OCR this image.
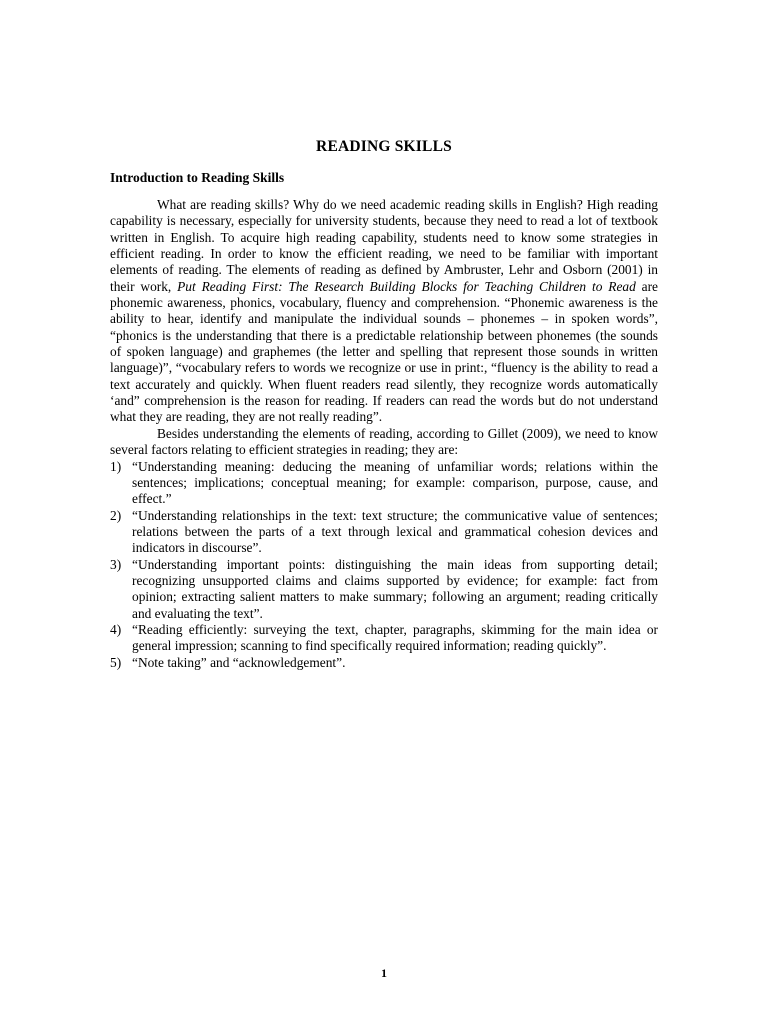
READING SKILLS
Introduction to Reading Skills

What are reading skills? Why do we need academic reading skills in English? High reading capability is necessary, especially for university students, because they need to read a lot of textbook written in English. To acquire high reading capability, students need to know some strategies in efficient reading. In order to know the efficient reading, we need to be familiar with important elements of reading. The elements of reading as defined by Ambruster, Lehr and Osborn (2001) in their work, Put Reading First: The Research Building Blocks for Teaching Children to Read are phonemic awareness, phonics, vocabulary, fluency and comprehension. “Phonemic awareness is the ability to hear, identify and manipulate the individual sounds – phonemes – in spoken words”, “phonics is the understanding that there is a predictable relationship between phonemes (the sounds of spoken language) and graphemes (the letter and spelling that represent those sounds in written language)”, “vocabulary refers to words we recognize or use in print:, “fluency is the ability to read a text accurately and quickly. When fluent readers read silently, they recognize words automatically ‘and” comprehension is the reason for reading. If readers can read the words but do not understand what they are reading, they are not really reading”.

Besides understanding the elements of reading, according to Gillet (2009), we need to know several factors relating to efficient strategies in reading; they are:

1) “Understanding meaning: deducing the meaning of unfamiliar words; relations within the sentences; implications; conceptual meaning; for example: comparison, purpose, cause, and effect.”
2) “Understanding relationships in the text: text structure; the communicative value of sentences; relations between the parts of a text through lexical and grammatical cohesion devices and indicators in discourse”.
3) “Understanding important points: distinguishing the main ideas from supporting detail; recognizing unsupported claims and claims supported by evidence; for example: fact from opinion; extracting salient matters to make summary; following an argument; reading critically and evaluating the text”.
4) “Reading efficiently: surveying the text, chapter, paragraphs, skimming for the main idea or general impression; scanning to find specifically required information; reading quickly”.
5) “Note taking” and “acknowledgement”.
1
